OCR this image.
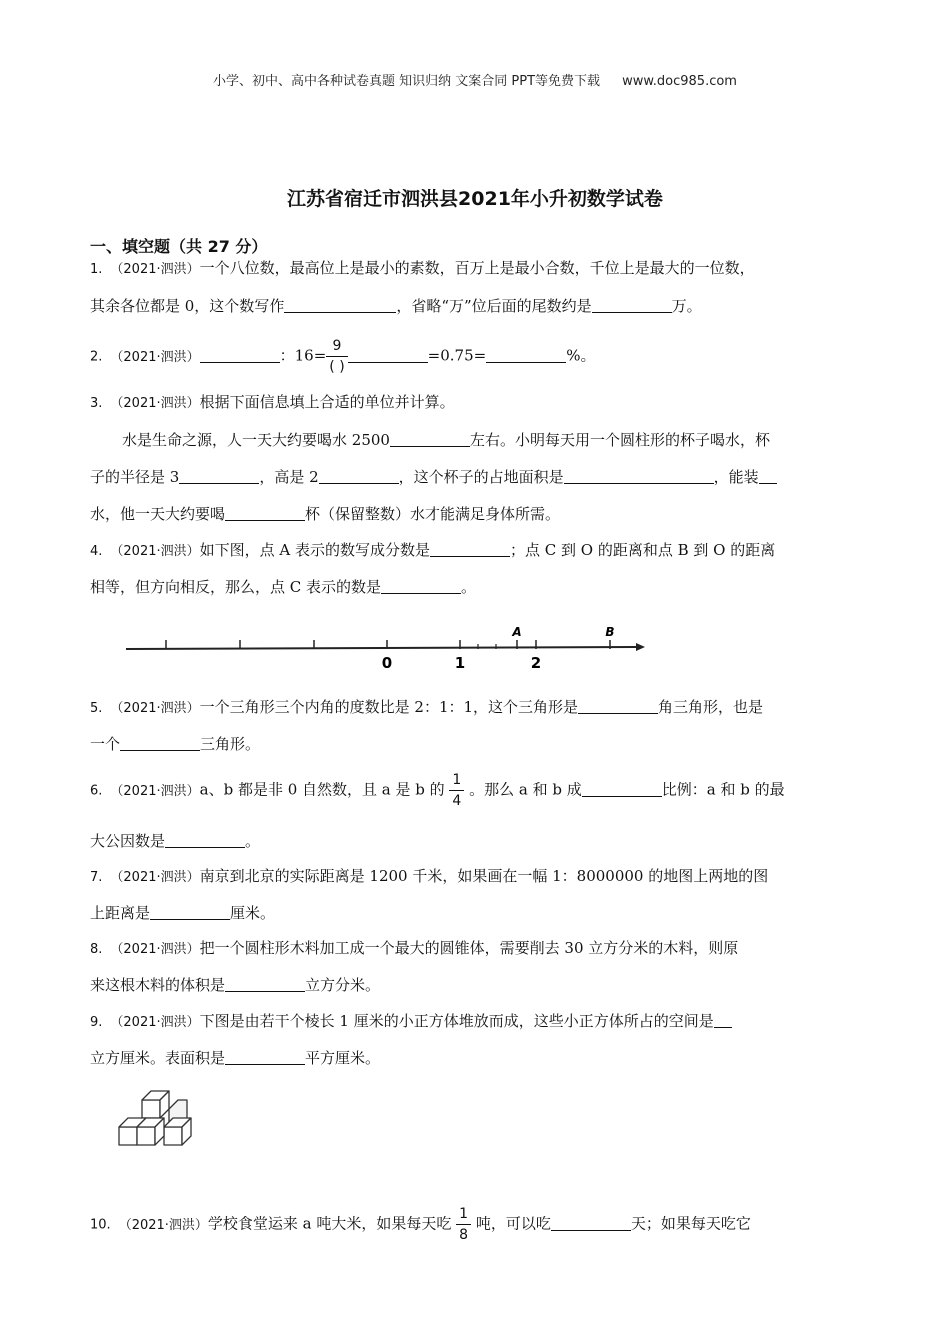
小学、初中、高中各种试卷真题 知识归纳 文案合同 PPT等免费下载 www.doc985.com
江苏省宿迁市泗洪县2021年小升初数学试卷
一、填空题（共 27 分）
1. （2021·泗洪）一个八位数，最高位上是最小的素数，百万上是最小合数，千位上是最大的一位数，
其余各位都是 0，这个数写作	，省略“万”位后面的尾数约是	万。
2. （2021·泗洪）	：$16= \frac{9}{( )}$	=0.75=	%。
3. （2021·泗洪）根据下面信息填上合适的单位并计算。
水是生命之源，人一天大约要喝水 2500	左右。小明每天用一个圆柱形的杯子喝水，杯
子的半径是 3	，高是 2	，这个杯子的占地面积是	，能装
水，他一天大约要喝	杯（保留整数）水才能满足身体所需。
4. （2021·泗洪）如下图，点 A 表示的数写成分数是	；点 C 到 O 的距离和点 B 到 O 的距离
相等，但方向相反，那么，点 C 表示的数是	。
0	1	2
A	B
5. （2021·泗洪）一个三角形三个内角的度数比是 2：1：1，这个三角形是	角三角形，也是
一个	三角形。
6. （2021·泗洪）a、b 都是非 0 自然数，且 a 是 b 的 $\frac{1}{4}$ 。那么 a 和 b 成	比例：a 和 b 的最
大公因数是	。
7. （2021·泗洪）南京到北京的实际距离是 1200 千米，如果画在一幅 1：8000000 的地图上两地的图
上距离是	厘米。
8. （2021·泗洪）把一个圆柱形木料加工成一个最大的圆锥体，需要削去 30 立方分米的木料，则原
来这根木料的体积是	立方分米。
9. （2021·泗洪）下图是由若干个棱长 1 厘米的小正方体堆放而成，这些小正方体所占的空间是
立方厘米。表面积是	平方厘米。
10. （2021·泗洪）学校食堂运来 a 吨大米，如果每天吃 $\frac{1}{8}$ 吨，可以吃	天；如果每天吃它
